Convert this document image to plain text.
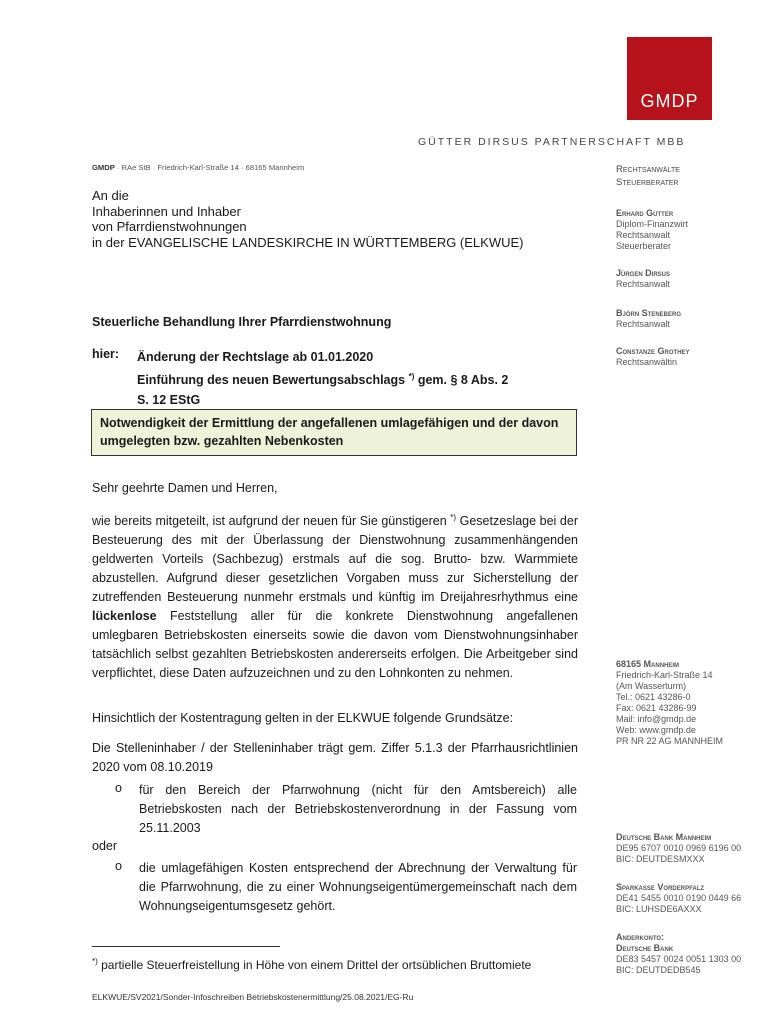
GMDP
GÜTTER DIRSUS PARTNERSCHAFT MBB
GMDP · RAe StB · Friedrich-Karl-Straße 14 · 68165 Mannheim
An die
Inhaberinnen und Inhaber
von Pfarrdienstwohnungen
in der EVANGELISCHE LANDESKIRCHE IN WÜRTTEMBERG (ELKWUE)
Steuerliche Behandlung Ihrer Pfarrdienstwohnung
hier: Änderung der Rechtslage ab 01.01.2020
Einführung des neuen Bewertungsabschlags *) gem. § 8 Abs. 2
S. 12 EStG
Notwendigkeit der Ermittlung der angefallenen umlagefähigen und der davon umgelegten bzw. gezahlten Nebenkosten
Sehr geehrte Damen und Herren,
wie bereits mitgeteilt, ist aufgrund der neuen für Sie günstigeren *) Gesetzeslage bei der Besteuerung des mit der Überlassung der Dienstwohnung zusammenhängenden geldwerten Vorteils (Sachbezug) erstmals auf die sog. Brutto- bzw. Warmmiete abzustellen. Aufgrund dieser gesetzlichen Vorgaben muss zur Sicherstellung der zutreffenden Besteuerung nunmehr erstmals und künftig im Dreijahresrhythmus eine lückenlose Feststellung aller für die konkrete Dienstwohnung angefallenen umlegbaren Betriebskosten einerseits sowie die davon vom Dienstwohnungsinhaber tatsächlich selbst gezahlten Betriebskosten andererseits erfolgen. Die Arbeitgeber sind verpflichtet, diese Daten aufzuzeichnen und zu den Lohnkonten zu nehmen.
Hinsichtlich der Kostentragung gelten in der ELKWUE folgende Grundsätze:
Die Stelleninhaber / der Stelleninhaber trägt gem. Ziffer 5.1.3 der Pfarrhausrichtlinien 2020 vom 08.10.2019
o für den Bereich der Pfarrwohnung (nicht für den Amtsbereich) alle Betriebskosten nach der Betriebskostenverordnung in der Fassung vom 25.11.2003
oder
o die umlagefähigen Kosten entsprechend der Abrechnung der Verwaltung für die Pfarrwohnung, die zu einer Wohnungseigentümergemeinschaft nach dem Wohnungseigentumsgesetz gehört.
*) partielle Steuerfreistellung in Höhe von einem Drittel der ortsüblichen Bruttomiete
ELKWUE/SV2021/Sonder-Infoschreiben Betriebskostenermittlung/25.08.2021/EG-Ru
Rechtsanwälte
Steuerberater
Erhard Gütter
Diplom-Finanzwirt
Rechtsanwalt
Steuerberater
Jürgen Dirsus
Rechtsanwalt
Björn Steneberg
Rechtsanwalt
Constanze Grothey
Rechtsanwältin
68165 Mannheim
Friedrich-Karl-Straße 14
(Am Wasserturm)
Tel.: 0621 43286-0
Fax: 0621 43286-99
Mail: info@gmdp.de
Web: www.gmdp.de
PR NR 22 AG MANNHEIM
Deutsche Bank Mannheim
DE95 6707 0010 0969 6196 00
BIC: DEUTDESMXXX
Sparkasse Vorderpfalz
DE41 5455 0010 0190 0449 66
BIC: LUHSDE6AXXX
Anderkonto:
Deutsche Bank
DE83 5457 0024 0051 1303 00
BIC: DEUTDEDB545
